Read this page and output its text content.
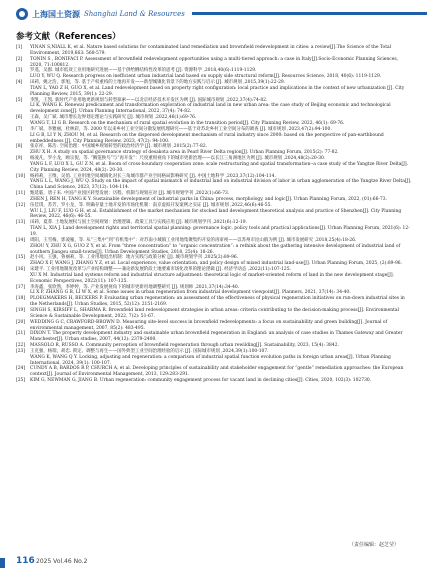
上海国土资源 Shanghai Land & Resources
参考文献（References）
[1]	YINAN S,NIALL K, et al. Nature based solutions for contaminated land remediation and brownfield redevelopment in cities: a review[J].The Science of the Total Environment, 2019,663: 568-579.
[2]	TONIN S , BONIFACI P. Assessment of brownfield redevelopment opportunities using a multi-tiered approach: a case in Italy[J].Socio-Economic Planning Sciences, 2020, 71:100812.
[3]	罗遥，吴群. 城市低效工业用地研究进展——基于供给侧结构性改革的思考 [J]. 资源科学 ,2018,40(6):1119-1129.
LUO Y, WU Q. Research progress on inefficient urban industrial land based on supply side structural reform[J]. Resources Science, 2018, 40(6): 1119-1129.
[4]	田莉，姚之浩，郭旭，等. 基于产权重构的土地再开发——新型城镇化背景下的地方实践与启示 [J]. 城市规划 ,2015,39(1):22-29.
TIAN L, YAO Z H, GUO X, et al. Land redevelopment based on property right configuration: local practice and implications in the context of new urbanization [J]. City Planning Review, 2015, 39(1): 22-29.
[5]	李凯，王凯. 新时代产业用地更新规划与转型探索——以北京经济技术开发区为例 [J]. 国际城市规划 ,2022,37(4):74-82.
LI K, WANG K. Renewal predicament and transformation exploration of industrial land in new urban area: the case study of Beijing economic and technological development zone[J]. Urban Planning International, 2022, 37(4): 74-82.
[6]	王森，吴广斌. 城市增长边界划定理论与实践研究 [J]. 城市规划 ,2022,46(1):69-76.
WANG T, LI G B. Research on the mechanism of rural spatial evolution in the transition period[J]. City Planning Review, 2022, 46(1): 69-76.
[7]	李广斌，李雅丽，杜林彩，等. 2000 年以来乡村工业空间分散发展机理研究——基于对苏北乡村工业空间分布的调查 [J]. 城市规划 ,2023,47(2):94-100.
LI G B, LI Y N, ZHOU M, et al. Research on the dispersed development mechanism of rural industry since 2000: based on the perspective of pan-earthbound embeddedness [J]. City Planning Review, 2023, 47(2): 94-100.
[8]	张京祥，陈浩. 空间治理：中国城乡规划转型的政治经济学 [J]. 城市规划 ,2015(2):77-82.
ZHU X H. A study on spatial governance strategy of desakota area in Pearl River Delta region[J]. Urban Planning Forum, 2015(2): 77-82.
[9]	杨凌凡，罗小龙，顾宗倪，等. “腾笼换鸟”与“再开发”：尺度重组视角下的城市更新治理——以长江三角洲地区为例 [J]. 城市规划 ,2024,48(2):20-30.
YANG L F, LUO X L, GU Z N, et al. Boom of cross-boundary cooperation zone: scale restructuring and spatial transformation--a case study of the Yangtze River Delta[J]. City Planning Review, 2024, 48(2): 20-30.
[10]	杨莉莉，王维，吴俏. 工业用地空间城镇化对长三角城市群产业空间格局影响研究 [J]. 中国土地科学 ,2023,37(12):104-114.
YANG L L, WANG J, WU Q. Study on the impact of spatial mismatch of industrial land on industrial division of labor in urban agglomeration of the Yangtze River Delta[J]. China Land Science, 2023, 37(12): 104-114.
[11]	甄延临，唐子来. 中国产业园区转型发展：历程、机制与规划应对 [J]. 城市规划学刊 ,2022(1):66-73.
ZHEN J, REN H, TANG K Y. Sustainable development of industrial parks in China: process, morphology, and logic[J]. Urban Planning Forum, 2022, (01):66-73.
[12]	伍佳琪，苏芳，罗小龙，等. 明确存量土地开发的市场化机制：南京虚拟开发案例之实证 [J]. 城市规划 ,2022,46(6):46-55.
WU L J, LIU F, LUO G H, et al. Establishment of the market mechanism for stocked land development theoretical analysis and practice of Shenzhen[J]. City Planning Review, 2022, 46(6): 46-55.
[13]	田莉，夏菁. 土地发展权与国土空间规划：治理逻辑、政策工具与实践应用 [J]. 城市规划学刊 ,2021(6):12-19.
TIAN L, XIA J. Land development rights and territorial spatial planning: governance logic, policy tools and practical applications[J]. Urban Planning Forum, 2021(6): 12-19.
[14]	周阳，王雪梅，郭凌雁，等. 从“三集中”到“有机集中”：对苏南小城镇工业用地集聚集约开发的再审视——以苏州市昆山镇为例 [J]. 城市发展研究 ,2018,25(4):18-26.
ZHOU Y, ZHU X G, GUO Z Y, et al. From “three concentration” to “organic concentration”: a rethink about the gathering intensive development of industrial land of southern Jiangsu small-towns[J]. Urban Development Studies, 2018, 25(4): 18-26.
[15]	赵小风，王强，鲁丽莉，等. 工业用地退出机制：地方实践与政策分析 [J]. 城市规划学刊 ,2025(2):89-96.
ZHAO X F, WANG J, ZHANG Y Z, et al. Local experience, value orientation, and policy design of mixed industrial land-use[J]. Urban Planning Forum, 2025, (2):89-96.
[16]	宋建平. 工业用地制度改革与产业结构调整——兼论新发展阶段土地要素市场化改革的理论逻辑 [J]. 经济学动态 ,2022(11):107-125.
XU X M. Industrial land systems reform and industrial structure adjustment: theoretical logic of market-oriented reform of land in the new development stage[J]. Economic Perspectives, 2022(11): 107-125.
[17]	李涛鑫，张欣然，李婷婷，等. 产业发展视角下的城市更新用地调整研究 [J]. 规划师 ,2021,37(14):34-40.
LI X P, ZHANG G B, LI W X, et al. Some issues in urban regeneration from industrial development viewpoint[J]. Planners, 2021, 37(14): 34-40.
[18]	PLOEGMAKERS H, BECKERS P. Evaluating urban regeneration: an assessment of the effectiveness of physical regeneration initiatives on run-down industrial sites in the Netherlands[J]. Urban Studies, 2015, 52(12): 2151-2169.
[19]	SINGH S, KIRSIFF L, SHARMA R. Brownfield land redevelopment strategies in urban areas: criteria contributing to the decision-making process[J]. Environmental Science & Sustainable Development, 2022, 7(2): 51-67.
[20]	WEDDING G C, CRAWFORD-BROWN D. Measuring site-level success in brownfield redevelopments: a focus on sustainability and green building[J]. Journal of environmental management, 2007, 85(2): 483-495.
[21]	DIXON T. The property development industry and sustainable urban brownfield regeneration in England: an analysis of case studies in Thames Gateway and Greater Manchester[J]. Urban studies, 2007, 44(12): 2379-2400.
[22]	MASSOLO R, RUSSO A. Community perception of brownfield regeneration through urban rewilding[J]. Sustainability, 2023, 15(4): 3842.
[23]	王克强，杨瑞，胡忠. 锁定、调整与再生——国外典型工业空间治理经验的启示 [J]. 国际城市规划 ,2024,39(1):100-107.
WANG K, WANG Q Y. Locking, adjusting and regeneration: a comparison of industrial spatial function evolution paths in foreign urban areas[J]. Urban Planning International, 2024, 39(1): 100-107.
[24]	CUNDY A B, BARDOS R P, CHURCH A, et al. Developing principles of sustainability and stakeholder engagement for “gentle” remediation approaches: the European context[J]. Journal of Environmental Management, 2013, 129:283-291.
[25]	KIM G, NEWMAN G, JIANG B. Urban regeneration: community engagement process for vacant land in declining cities[J]. Cities, 2020, 102(3): 102730.
（责任编辑：赵芝莹）
116 2025 Vol.46 No.2
